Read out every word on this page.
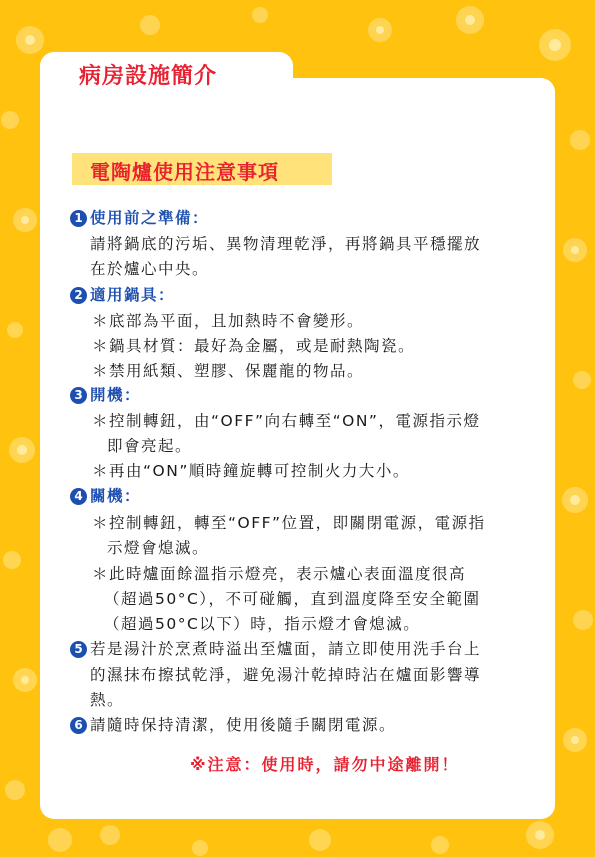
病房設施簡介
電陶爐使用注意事項
1 使用前之準備：
請將鍋底的污垢、異物清理乾淨，再將鍋具平穩擺放
在於爐心中央。
2 適用鍋具：
＊底部為平面，且加熱時不會變形。
＊鍋具材質：最好為金屬，或是耐熱陶瓷。
＊禁用紙類、塑膠、保麗龍的物品。
3 開機：
＊控制轉鈕，由“OFF”向右轉至“ON”，電源指示燈
即會亮起。
＊再由“ON”順時鐘旋轉可控制火力大小。
4 關機：
＊控制轉鈕，轉至“OFF”位置，即關閉電源，電源指
示燈會熄滅。
＊此時爐面餘溫指示燈亮，表示爐心表面溫度很高
（超過50°C），不可碰觸，直到溫度降至安全範圍
（超過50°C以下）時，指示燈才會熄滅。
5 若是湯汁於烹煮時溢出至爐面，請立即使用洗手台上
的濕抹布擦拭乾淨，避免湯汁乾掉時沾在爐面影響導
熱。
6 請隨時保持清潔，使用後隨手關閉電源。
※注意：使用時，請勿中途離開！
